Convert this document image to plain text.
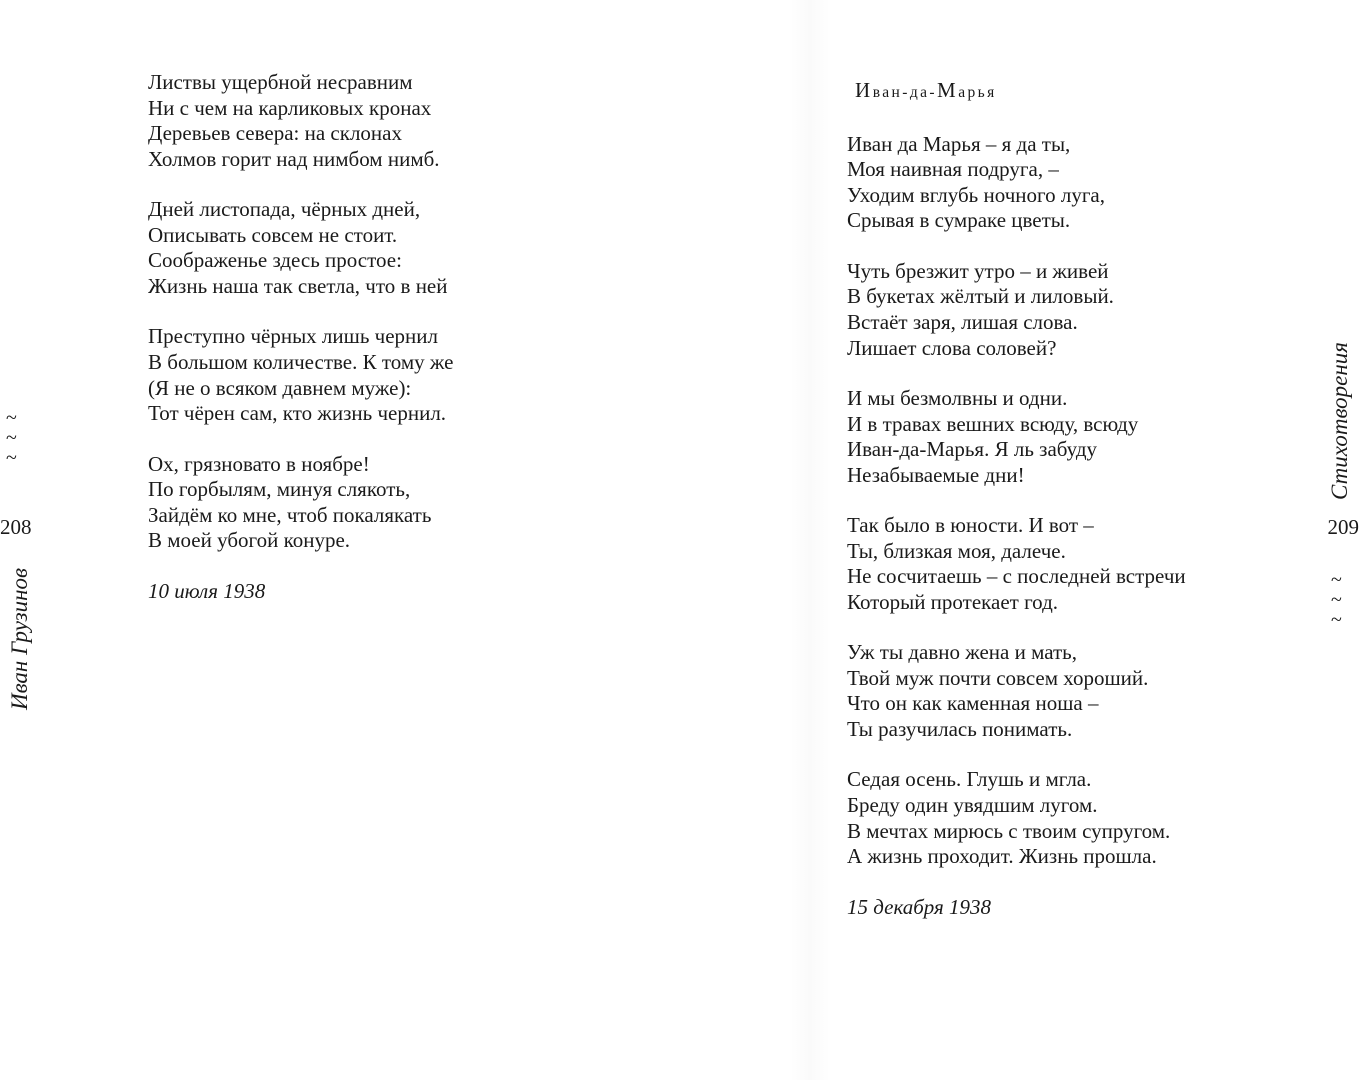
~
~
~
208
Иван Грузинов
Листвы ущербной несравним
Ни с чем на карликовых кронах
Деревьев севера: на склонах
Холмов горит над нимбом нимб.
Дней листопада, чёрных дней,
Описывать совсем не стоит.
Соображенье здесь простое:
Жизнь наша так светла, что в ней
Преступно чёрных лишь чернил
В большом количестве. К тому же
(Я не о всяком давнем муже):
Тот чёрен сам, кто жизнь чернил.
Ох, грязновато в ноябре!
По горбылям, минуя слякоть,
Зайдём ко мне, чтоб покалякать
В моей убогой конуре.
10 июля 1938
Иван-да-Марья
Иван да Марья – я да ты,
Моя наивная подруга, –
Уходим вглубь ночного луга,
Срывая в сумраке цветы.
Чуть брезжит утро – и живей
В букетах жёлтый и лиловый.
Встаёт заря, лишая слова.
Лишает слова соловей?
И мы безмолвны и одни.
И в травах вешних всюду, всюду
Иван-да-Марья. Я ль забуду
Незабываемые дни!
Так было в юности. И вот –
Ты, близкая моя, далече.
Не сосчитаешь – с последней встречи
Который протекает год.
Уж ты давно жена и мать,
Твой муж почти совсем хороший.
Что он как каменная ноша –
Ты разучилась понимать.
Седая осень. Глушь и мгла.
Бреду один увядшим лугом.
В мечтах мирюсь с твоим супругом.
А жизнь проходит. Жизнь прошла.
15 декабря 1938
Стихотворения
209
~
~
~
